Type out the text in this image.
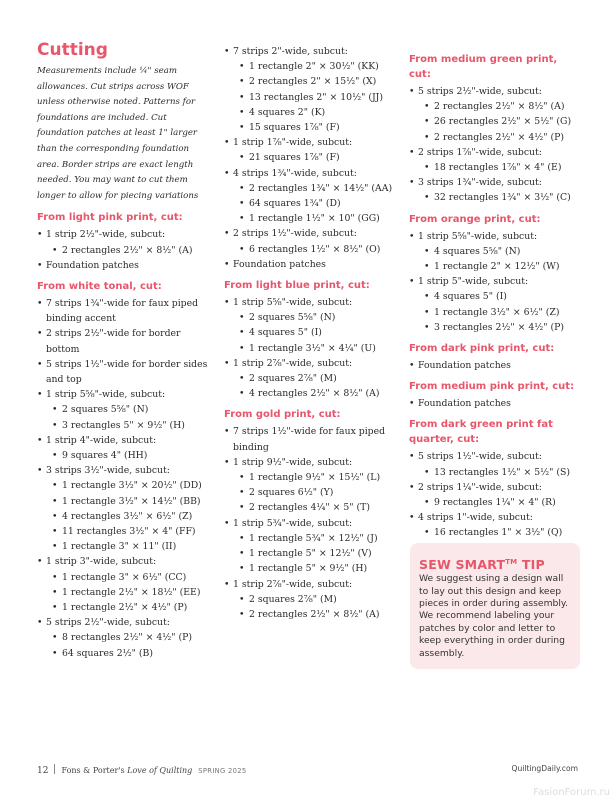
Cutting

Measurements include ¼" seam allowances. Cut strips across WOF unless otherwise noted. Patterns for foundations are included. Cut foundation patches at least 1" larger than the corresponding foundation area. Border strips are exact length needed. You may want to cut them longer to allow for piecing variations

From light pink print, cut:
• 1 strip 2½"-wide, subcut:
• 2 rectangles 2½" × 8½" (A)
• Foundation patches
From white tonal, cut:
• 7 strips 1¾"-wide for faux piped binding accent
• 2 strips 2½"-wide for border bottom
• 5 strips 1½"-wide for border sides and top
• 1 strip 5⅝"-wide, subcut:
• 2 squares 5⅝" (N)
• 3 rectangles 5" × 9½" (H)
• 1 strip 4"-wide, subcut:
• 9 squares 4" (HH)
• 3 strips 3½"-wide, subcut:
• 1 rectangle 3½" × 20½" (DD)
• 1 rectangle 3½" × 14½" (BB)
• 4 rectangles 3½" × 6½" (Z)
• 11 rectangles 3½" × 4" (FF)
• 1 rectangle 3" × 11" (II)
• 1 strip 3"-wide, subcut:
• 1 rectangle 3" × 6½" (CC)
• 1 rectangle 2½" × 18½" (EE)
• 1 rectangle 2½" × 4½" (P)
• 5 strips 2½"-wide, subcut:
• 8 rectangles 2½" × 4½" (P)
• 64 squares 2½" (B)
• 7 strips 2"-wide, subcut:
• 1 rectangle 2" × 30½" (KK)
• 2 rectangles 2" × 15½" (X)
• 13 rectangles 2" × 10½" (JJ)
• 4 squares 2" (K)
• 15 squares 1⅞" (F)
• 1 strip 1⅞"-wide, subcut:
• 21 squares 1⅞" (F)
• 4 strips 1¾"-wide, subcut:
• 2 rectangles 1¾" × 14½" (AA)
• 64 squares 1¾" (D)
• 1 rectangle 1½" × 10" (GG)
• 2 strips 1½"-wide, subcut:
• 6 rectangles 1½" × 8½" (O)
• Foundation patches
From light blue print, cut:
• 1 strip 5⅝"-wide, subcut:
• 2 squares 5⅝" (N)
• 4 squares 5" (I)
• 1 rectangle 3½" × 4¼" (U)
• 1 strip 2⅞"-wide, subcut:
• 2 squares 2⅞" (M)
• 4 rectangles 2½" × 8½" (A)
From gold print, cut:
• 7 strips 1½"-wide for faux piped binding
• 1 strip 9½"-wide, subcut:
• 1 rectangle 9½" × 15½" (L)
• 2 squares 6½" (Y)
• 2 rectangles 4¼" × 5" (T)
• 1 strip 5¾"-wide, subcut:
• 1 rectangle 5¾" × 12½" (J)
• 1 rectangle 5" × 12½" (V)
• 1 rectangle 5" × 9½" (H)
• 1 strip 2⅞"-wide, subcut:
• 2 squares 2⅞" (M)
• 2 rectangles 2½" × 8½" (A)
From medium green print, cut:
• 5 strips 2½"-wide, subcut:
• 2 rectangles 2½" × 8½" (A)
• 26 rectangles 2½" × 5½" (G)
• 2 rectangles 2½" × 4½" (P)
• 2 strips 1⅞"-wide, subcut:
• 18 rectangles 1⅞" × 4" (E)
• 3 strips 1¾"-wide, subcut:
• 32 rectangles 1¾" × 3½" (C)
From orange print, cut:
• 1 strip 5⅝"-wide, subcut:
• 4 squares 5⅝" (N)
• 1 rectangle 2" × 12½" (W)
• 1 strip 5"-wide, subcut:
• 4 squares 5" (I)
• 1 rectangle 3½" × 6½" (Z)
• 3 rectangles 2½" × 4½" (P)
From dark pink print, cut:
• Foundation patches
From medium pink print, cut:
• Foundation patches
From dark green print fat quarter, cut:
• 5 strips 1½"-wide, subcut:
• 13 rectangles 1½" × 5½" (S)
• 2 strips 1¼"-wide, subcut:
• 9 rectangles 1¼" × 4" (R)
• 4 strips 1"-wide, subcut:
• 16 rectangles 1" × 3½" (Q)
SEW SMART™ TIP
We suggest using a design wall to lay out this design and keep pieces in order during assembly. We recommend labeling your patches by color and letter to keep everything in order during assembly.
12 Fons & Porter's Love of Quilting SPRING 2025	QuiltingDaily.com
FasionForum.ru
